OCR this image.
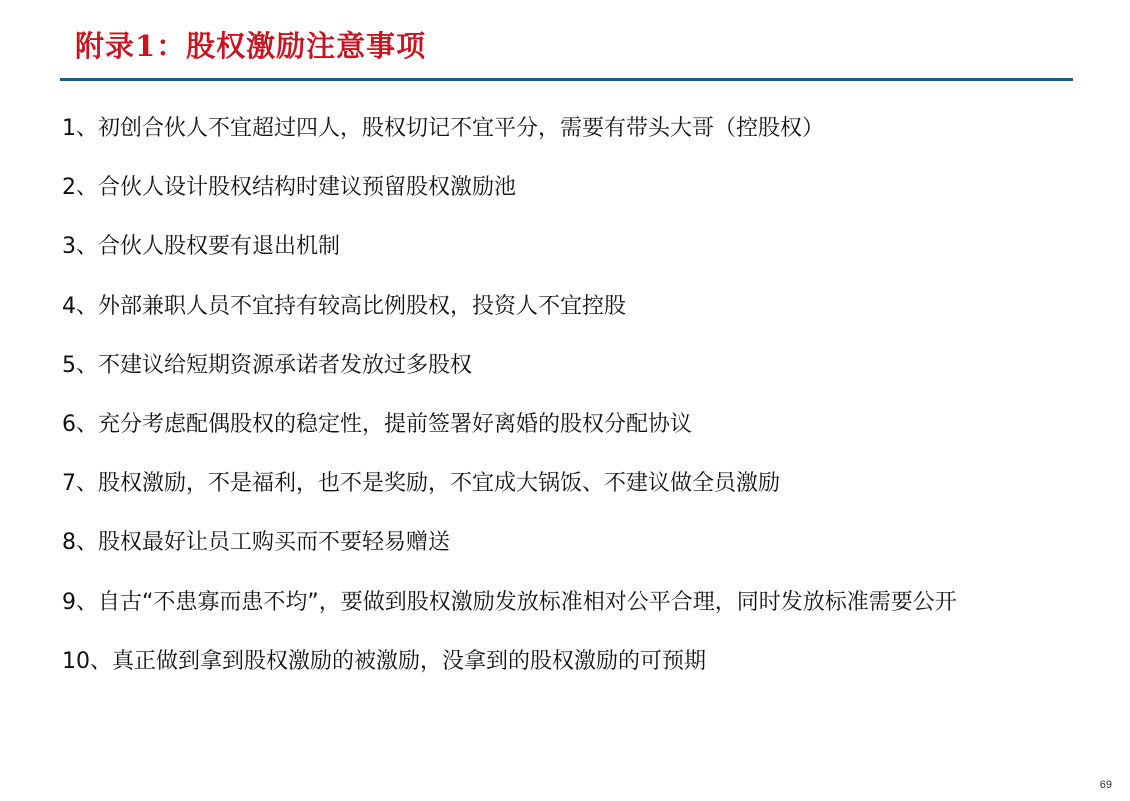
附录1：股权激励注意事项
1、初创合伙人不宜超过四人，股权切记不宜平分，需要有带头大哥（控股权）
2、合伙人设计股权结构时建议预留股权激励池
3、合伙人股权要有退出机制
4、外部兼职人员不宜持有较高比例股权，投资人不宜控股
5、不建议给短期资源承诺者发放过多股权
6、充分考虑配偶股权的稳定性，提前签署好离婚的股权分配协议
7、股权激励，不是福利，也不是奖励，不宜成大锅饭、不建议做全员激励
8、股权最好让员工购买而不要轻易赠送
9、自古“不患寡而患不均”，要做到股权激励发放标准相对公平合理，同时发放标准需要公开
10、真正做到拿到股权激励的被激励，没拿到的股权激励的可预期
69
